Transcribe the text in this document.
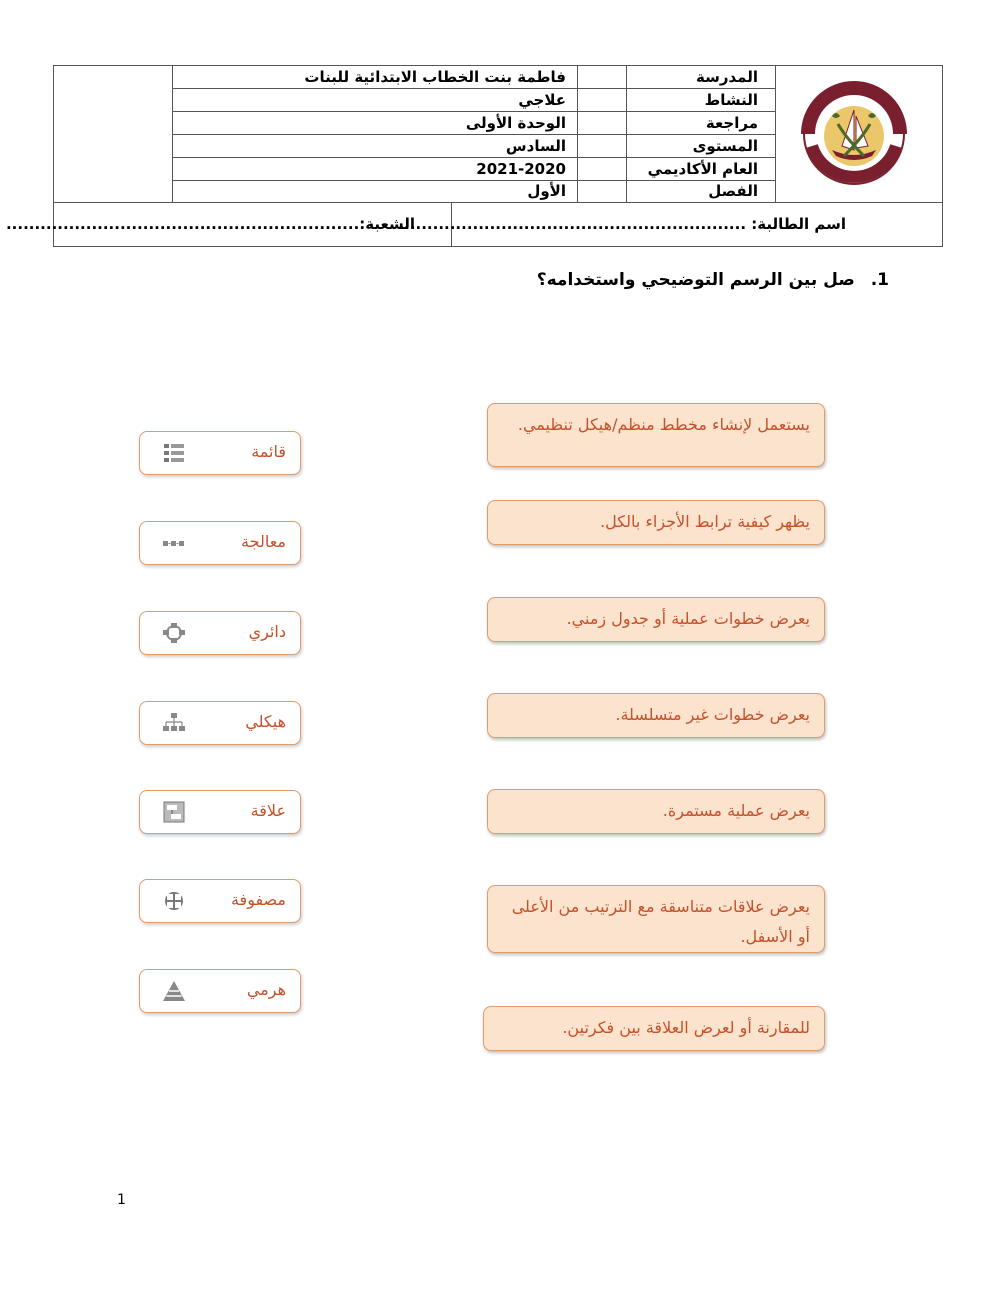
المدرسة
النشاط
مراجعة
المستوى
العام الأكاديمي
الفصل
فاطمة بنت الخطاب الابتدائية للبنات
علاجي
الوحدة الأولى
السادس
2021-2020
الأول
اسم الطالبة: .............................................................
الشعبة:..............................................................
1. صل بين الرسم التوضيحي واستخدامه؟
يستعمل لإنشاء مخطط منظم/هيكل تنظيمي.
يظهر كيفية ترابط الأجزاء بالكل.
يعرض خطوات عملية أو جدول زمني.
يعرض خطوات غير متسلسلة.
يعرض عملية مستمرة.
يعرض علاقات متناسقة مع الترتيب من الأعلى أو الأسفل.
للمقارنة أو لعرض العلاقة بين فكرتين.
قائمة
معالجة
دائري
هيكلي
علاقة
مصفوفة
هرمي
1
